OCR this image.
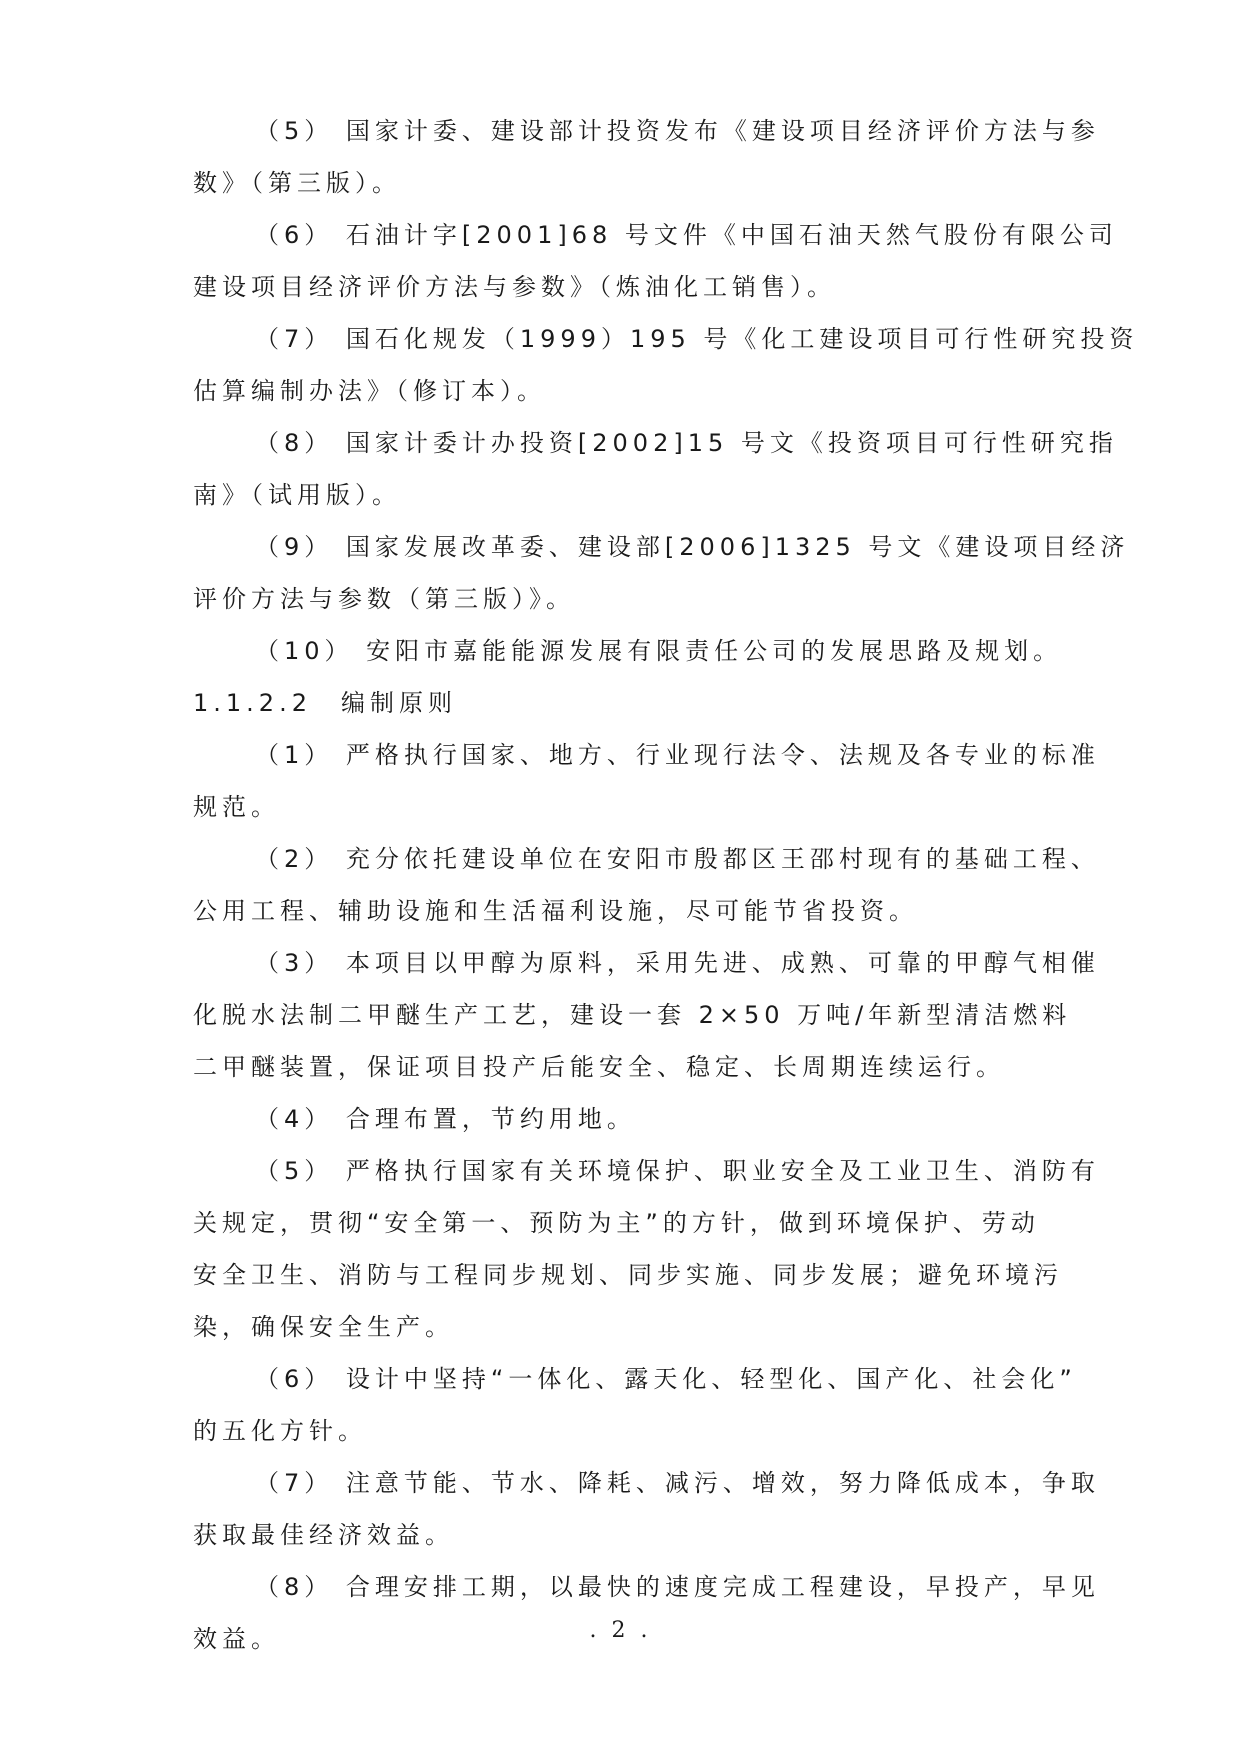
（5） 国家计委、建设部计投资发布《建设项目经济评价方法与参
数》（第三版）。
（6） 石油计字[2001]68 号文件《中国石油天然气股份有限公司
建设项目经济评价方法与参数》（炼油化工销售）。
（7） 国石化规发（1999）195 号《化工建设项目可行性研究投资
估算编制办法》（修订本）。
（8） 国家计委计办投资[2002]15 号文《投资项目可行性研究指
南》（试用版）。
（9） 国家发展改革委、建设部[2006]1325 号文《建设项目经济
评价方法与参数（第三版）》。
（10） 安阳市嘉能能源发展有限责任公司的发展思路及规划。
1.1.2.2　编制原则
（1） 严格执行国家、地方、行业现行法令、法规及各专业的标准
规范。
（2） 充分依托建设单位在安阳市殷都区王邵村现有的基础工程、
公用工程、辅助设施和生活福利设施，尽可能节省投资。
（3） 本项目以甲醇为原料，采用先进、成熟、可靠的甲醇气相催
化脱水法制二甲醚生产工艺，建设一套 2×50 万吨/年新型清洁燃料
二甲醚装置，保证项目投产后能安全、稳定、长周期连续运行。
（4） 合理布置，节约用地。
（5） 严格执行国家有关环境保护、职业安全及工业卫生、消防有
关规定，贯彻“安全第一、预防为主”的方针，做到环境保护、劳动
安全卫生、消防与工程同步规划、同步实施、同步发展；避免环境污
染，确保安全生产。
（6） 设计中坚持“一体化、露天化、轻型化、国产化、社会化”
的五化方针。
（7） 注意节能、节水、降耗、减污、增效，努力降低成本，争取
获取最佳经济效益。
（8） 合理安排工期，以最快的速度完成工程建设，早投产，早见
效益。	. 2 .
